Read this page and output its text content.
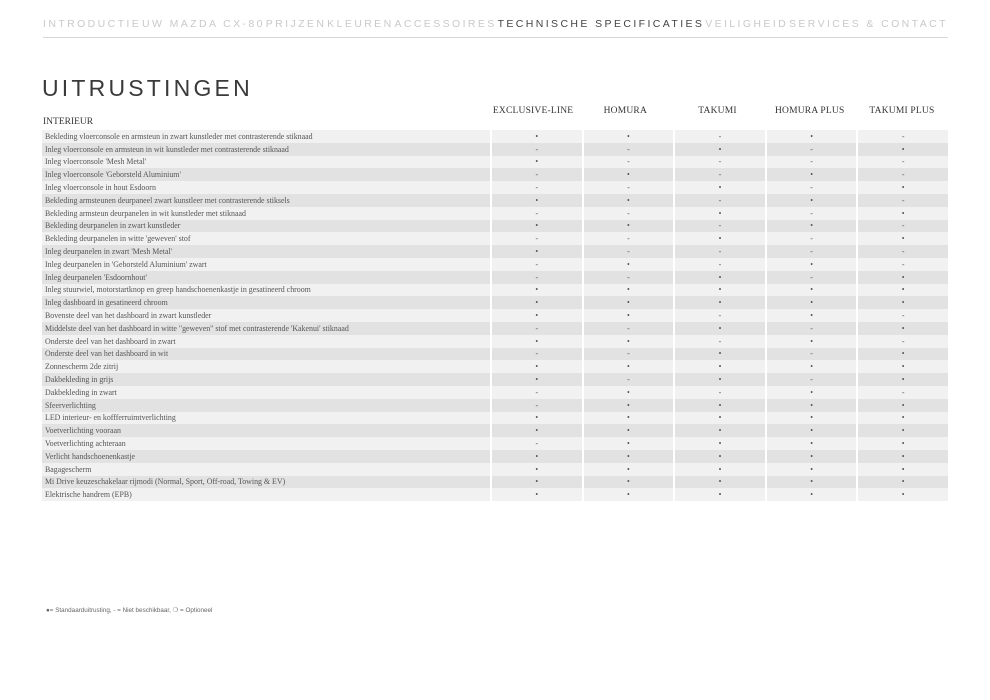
INTRODUCTIE UW MAZDA CX-80 PRIJZEN KLEUREN ACCESSOIRES TECHNISCHE SPECIFICATIES VEILIGHEID SERVICES & CONTACT
UITRUSTINGEN
EXCLUSIVE-LINE	HOMURA	TAKUMI	HOMURA PLUS	TAKUMI PLUS
INTERIEUR
Bekleding vloerconsole en armsteun in zwart kunstleder met contrasterende stiknaad	•	•	-	•	-
Inleg vloerconsole en armsteun in wit kunstleder met contrasterende stiknaad	-	-	•	-	•
Inleg vloerconsole 'Mesh Metal'	•	-	-	-	-
Inleg vloerconsole 'Geborsteld Aluminium'	-	•	-	•	-
Inleg vloerconsole in hout Esdoorn	-	-	•	-	•
Bekleding armsteunen deurpaneel zwart kunstleer met contrasterende stiksels	•	•	-	•	-
Bekleding armsteun deurpanelen in wit kunstleder met stiknaad	-	-	•	-	•
Bekleding deurpanelen in zwart kunstleder	•	•	-	•	-
Bekleding deurpanelen in witte 'geweven' stof	-	-	•	-	•
Inleg deurpanelen in zwart 'Mesh Metal'	•	-	-	-	-
Inleg deurpanelen in 'Geborsteld Aluminium' zwart	-	•	-	•	-
Inleg deurpanelen 'Esdoornhout'	-	-	•	-	•
Inleg stuurwiel, motorstartknop en greep handschoenenkastje in gesatineerd chroom	•	•	•	•	•
Inleg dashboard in gesatineerd chroom	•	•	•	•	•
Bovenste deel van het dashboard in zwart kunstleder	•	•	-	•	-
Middelste deel van het dashboard in witte "geweven" stof met contrasterende 'Kakenui' stiknaad	-	-	•	-	•
Onderste deel van het dashboard in zwart	•	•	-	•	-
Onderste deel van het dashboard in wit	-	-	•	-	•
Zonnescherm 2de zitrij	•	•	•	•	•
Dakbekleding in grijs	•	-	•	-	•
Dakbekleding in zwart	-	•	-	•	-
Sfeerverlichting	-	•	•	•	•
LED interieur- en koffferruimtverlichting	•	•	•	•	•
Voetverlichting vooraan	•	•	•	•	•
Voetverlichting achteraan	-	•	•	•	•
Verlicht handschoenenkastje	•	•	•	•	•
Bagagescherm	•	•	•	•	•
Mi Drive keuzeschakelaar rijmodi (Normal, Sport, Off-road, Towing & EV)	•	•	•	•	•
Elektrische handrem (EPB)	•	•	•	•	•
●= Standaarduitrusting, - = Niet beschikbaar, ❍ = Optioneel
